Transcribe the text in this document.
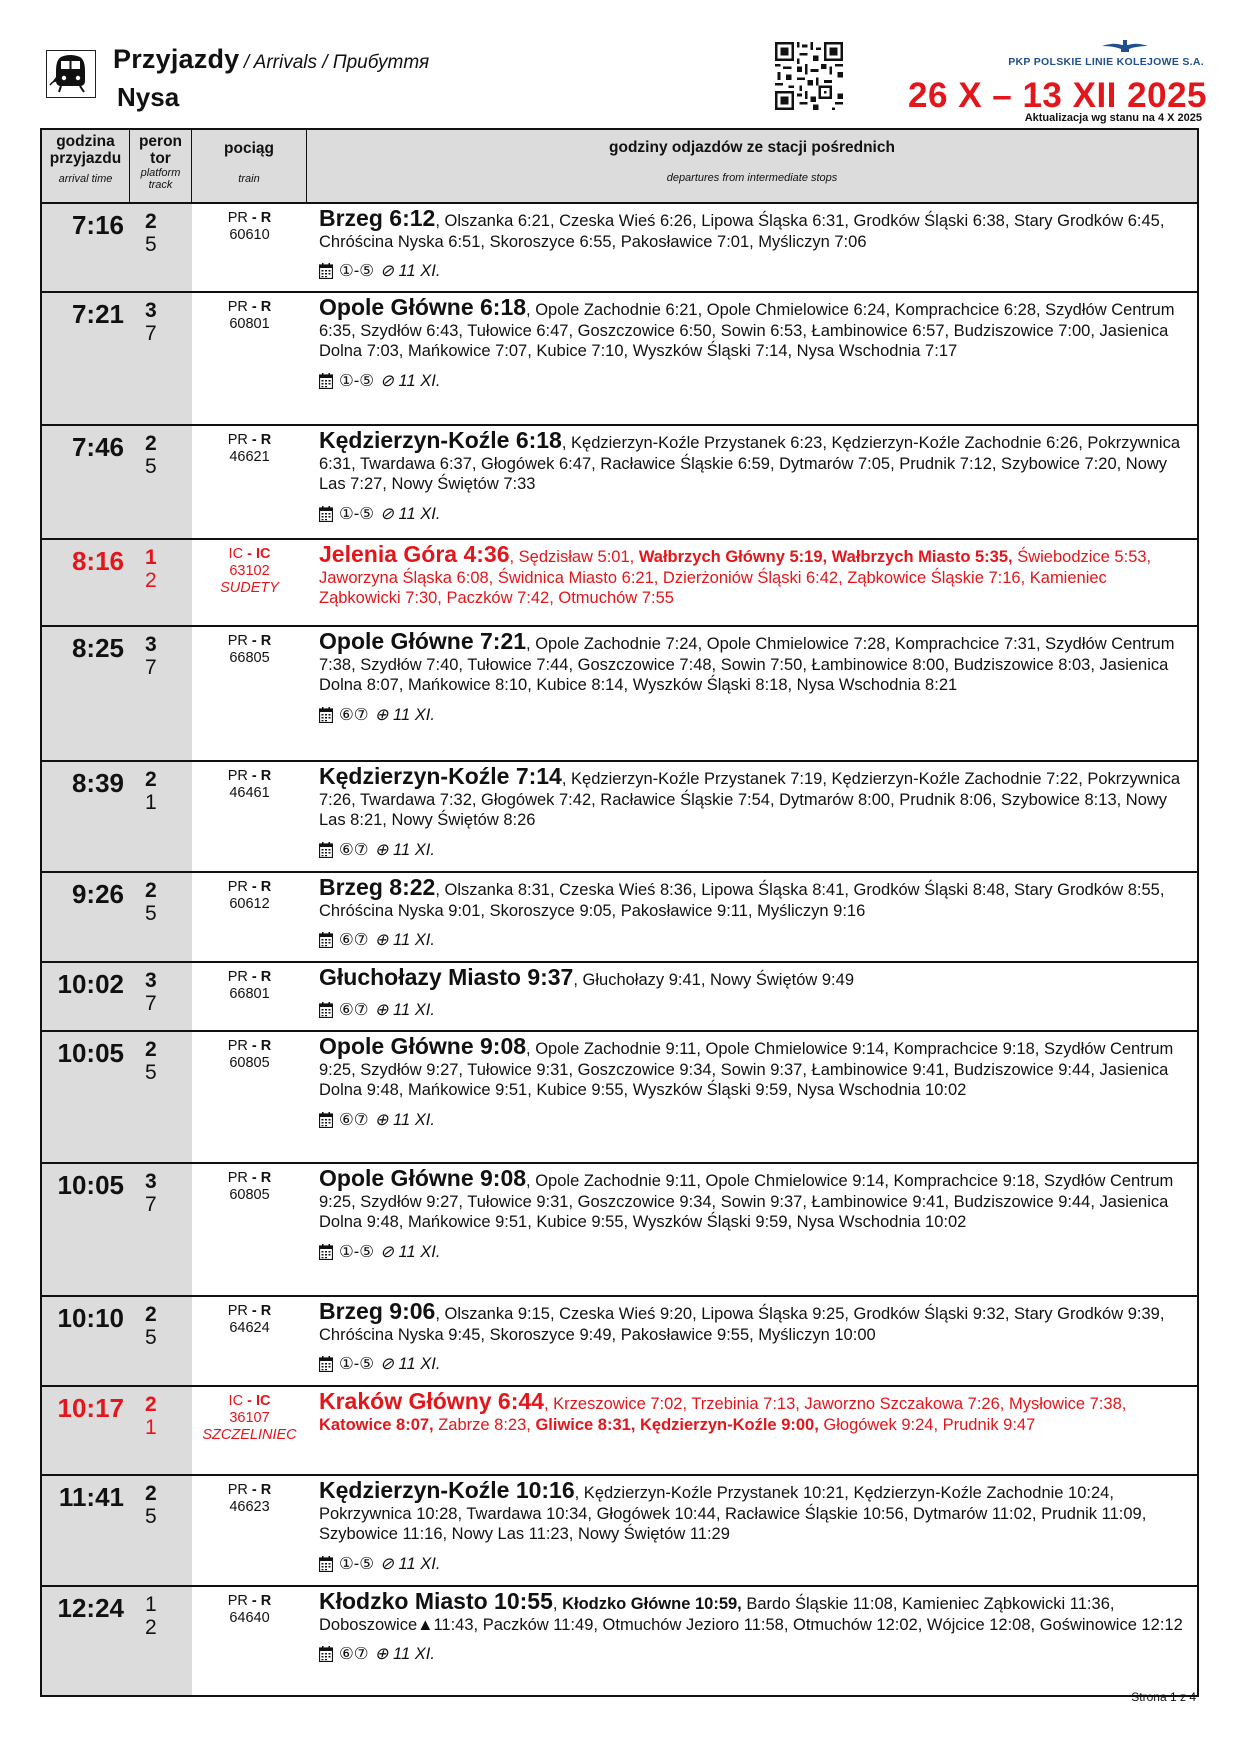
Przyjazdy / Arrivals / Прибуття
Nysa
PKP POLSKIE LINIE KOLEJOWE S.A.
26 X – 13 XII 2025
Aktualizacja wg stanu na 4 X 2025
godzina
przyjazdu
arrival time
peron
tor
platform
track
pociąg
train
godziny odjazdów ze stacji pośrednich
departures from intermediate stops
7:16 2
5
PR - R
60610
Brzeg 6:12, Olszanka 6:21, Czeska Wieś 6:26, Lipowa Śląska 6:31, Grodków Śląski 6:38, Stary Grodków 6:45, Chróścina Nyska 6:51, Skoroszyce 6:55, Pakosławice 7:01, Myśliczyn 7:06
①-⑤ ⊘ 11 XI.
7:21 3
7
PR - R
60801
Opole Główne 6:18, Opole Zachodnie 6:21, Opole Chmielowice 6:24, Komprachcice 6:28, Szydłów Centrum 6:35, Szydłów 6:43, Tułowice 6:47, Goszczowice 6:50, Sowin 6:53, Łambinowice 6:57, Budziszowice 7:00, Jasienica Dolna 7:03, Mańkowice 7:07, Kubice 7:10, Wyszków Śląski 7:14, Nysa Wschodnia 7:17
①-⑤ ⊘ 11 XI.
7:46 2
5
PR - R
46621
Kędzierzyn-Koźle 6:18, Kędzierzyn-Koźle Przystanek 6:23, Kędzierzyn-Koźle Zachodnie 6:26, Pokrzywnica 6:31, Twardawa 6:37, Głogówek 6:47, Racławice Śląskie 6:59, Dytmarów 7:05, Prudnik 7:12, Szybowice 7:20, Nowy Las 7:27, Nowy Świętów 7:33
①-⑤ ⊘ 11 XI.
8:16 1
2
IC - IC
63102
SUDETY
Jelenia Góra 4:36, Sędzisław 5:01, Wałbrzych Główny 5:19, Wałbrzych Miasto 5:35, Świebodzice 5:53, Jaworzyna Śląska 6:08, Świdnica Miasto 6:21, Dzierżoniów Śląski 6:42, Ząbkowice Śląskie 7:16, Kamieniec Ząbkowicki 7:30, Paczków 7:42, Otmuchów 7:55
8:25 3
7
PR - R
66805
Opole Główne 7:21, Opole Zachodnie 7:24, Opole Chmielowice 7:28, Komprachcice 7:31, Szydłów Centrum 7:38, Szydłów 7:40, Tułowice 7:44, Goszczowice 7:48, Sowin 7:50, Łambinowice 8:00, Budziszowice 8:03, Jasienica Dolna 8:07, Mańkowice 8:10, Kubice 8:14, Wyszków Śląski 8:18, Nysa Wschodnia 8:21
⑥⑦ ⊕ 11 XI.
8:39 2
1
PR - R
46461
Kędzierzyn-Koźle 7:14, Kędzierzyn-Koźle Przystanek 7:19, Kędzierzyn-Koźle Zachodnie 7:22, Pokrzywnica 7:26, Twardawa 7:32, Głogówek 7:42, Racławice Śląskie 7:54, Dytmarów 8:00, Prudnik 8:06, Szybowice 8:13, Nowy Las 8:21, Nowy Świętów 8:26
⑥⑦ ⊕ 11 XI.
9:26 2
5
PR - R
60612
Brzeg 8:22, Olszanka 8:31, Czeska Wieś 8:36, Lipowa Śląska 8:41, Grodków Śląski 8:48, Stary Grodków 8:55, Chróścina Nyska 9:01, Skoroszyce 9:05, Pakosławice 9:11, Myśliczyn 9:16
⑥⑦ ⊕ 11 XI.
10:02 3
7
PR - R
66801
Głuchołazy Miasto 9:37, Głuchołazy 9:41, Nowy Świętów 9:49
⑥⑦ ⊕ 11 XI.
10:05 2
5
PR - R
60805
Opole Główne 9:08, Opole Zachodnie 9:11, Opole Chmielowice 9:14, Komprachcice 9:18, Szydłów Centrum 9:25, Szydłów 9:27, Tułowice 9:31, Goszczowice 9:34, Sowin 9:37, Łambinowice 9:41, Budziszowice 9:44, Jasienica Dolna 9:48, Mańkowice 9:51, Kubice 9:55, Wyszków Śląski 9:59, Nysa Wschodnia 10:02
⑥⑦ ⊕ 11 XI.
10:05 3
7
PR - R
60805
Opole Główne 9:08, Opole Zachodnie 9:11, Opole Chmielowice 9:14, Komprachcice 9:18, Szydłów Centrum 9:25, Szydłów 9:27, Tułowice 9:31, Goszczowice 9:34, Sowin 9:37, Łambinowice 9:41, Budziszowice 9:44, Jasienica Dolna 9:48, Mańkowice 9:51, Kubice 9:55, Wyszków Śląski 9:59, Nysa Wschodnia 10:02
①-⑤ ⊘ 11 XI.
10:10 2
5
PR - R
64624
Brzeg 9:06, Olszanka 9:15, Czeska Wieś 9:20, Lipowa Śląska 9:25, Grodków Śląski 9:32, Stary Grodków 9:39, Chróścina Nyska 9:45, Skoroszyce 9:49, Pakosławice 9:55, Myśliczyn 10:00
①-⑤ ⊘ 11 XI.
10:17 2
1
IC - IC
36107
SZCZELINIEC
Kraków Główny 6:44, Krzeszowice 7:02, Trzebinia 7:13, Jaworzno Szczakowa 7:26, Mysłowice 7:38, Katowice 8:07, Zabrze 8:23, Gliwice 8:31, Kędzierzyn-Koźle 9:00, Głogówek 9:24, Prudnik 9:47
11:41 2
5
PR - R
46623
Kędzierzyn-Koźle 10:16, Kędzierzyn-Koźle Przystanek 10:21, Kędzierzyn-Koźle Zachodnie 10:24, Pokrzywnica 10:28, Twardawa 10:34, Głogówek 10:44, Racławice Śląskie 10:56, Dytmarów 11:02, Prudnik 11:09, Szybowice 11:16, Nowy Las 11:23, Nowy Świętów 11:29
①-⑤ ⊘ 11 XI.
12:24 1
2
PR - R
64640
Kłodzko Miasto 10:55, Kłodzko Główne 10:59, Bardo Śląskie 11:08, Kamieniec Ząbkowicki 11:36, Doboszowice▲11:43, Paczków 11:49, Otmuchów Jezioro 11:58, Otmuchów 12:02, Wójcice 12:08, Goświnowice 12:12
⑥⑦ ⊕ 11 XI.
Strona 1 z 4
